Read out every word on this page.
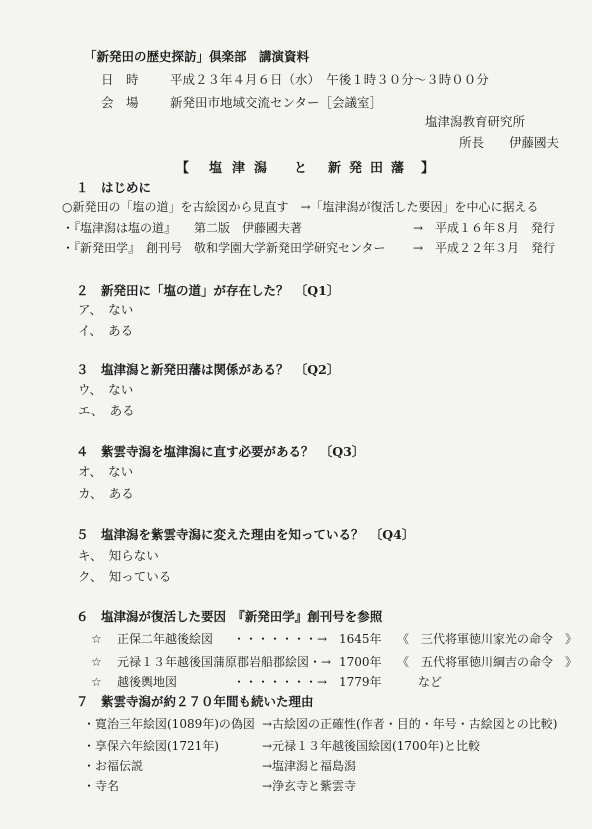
「新発田の歴史探訪」倶楽部　講演資料
日　時	平成２３年４月６日（水）　午後１時３０分～３時００分
会　場	新発田市地域交流センター［会議室］
塩津潟教育研究所
所長　　伊藤國夫
【 塩 津 潟 と 新 発 田 藩 】
１　はじめに
○新発田の「塩の道」を古絵図から見直す　→「塩津潟が復活した要因」を中心に据える
・『塩津潟は塩の道』　　第二版　伊藤國夫著	→　平成１６年８月　発行
・『新発田学』　創刊号　敬和学園大学新発田学研究センター →　平成２２年３月　発行
２　新発田に「塩の道」が存在した？　〔Q1〕
ア、　ない
イ、　ある
３　塩津潟と新発田藩は関係がある？　〔Q2〕
ウ、　ない
エ、　ある
４　紫雲寺潟を塩津潟に直す必要がある？　〔Q3〕
オ、　ない
カ、　ある
５　塩津潟を紫雲寺潟に変えた理由を知っている？　〔Q4〕
キ、　知らない
ク、　知っている
６　塩津潟が復活した要因　『新発田学』創刊号を参照
☆ 正保二年越後絵図 ・・・・・・・→ 1645年 《　三代将軍徳川家光の命令　》
☆ 元禄１３年越後国蒲原郡岩船郡絵図・→ 1700年 《　五代将軍徳川綱吉の命令　》
☆ 越後輿地図	・・・・・・・→ 1779年	など
７　紫雲寺潟が約２７０年間も続いた理由
・寛治三年絵図(1089年)の偽図 →古絵図の正確性(作者・目的・年号・古絵図との比較)
・享保六年絵図(1721年)	→元禄１３年越後国絵図(1700年)と比較
・お福伝説	→塩津潟と福島潟
・寺名	→浄玄寺と紫雲寺
